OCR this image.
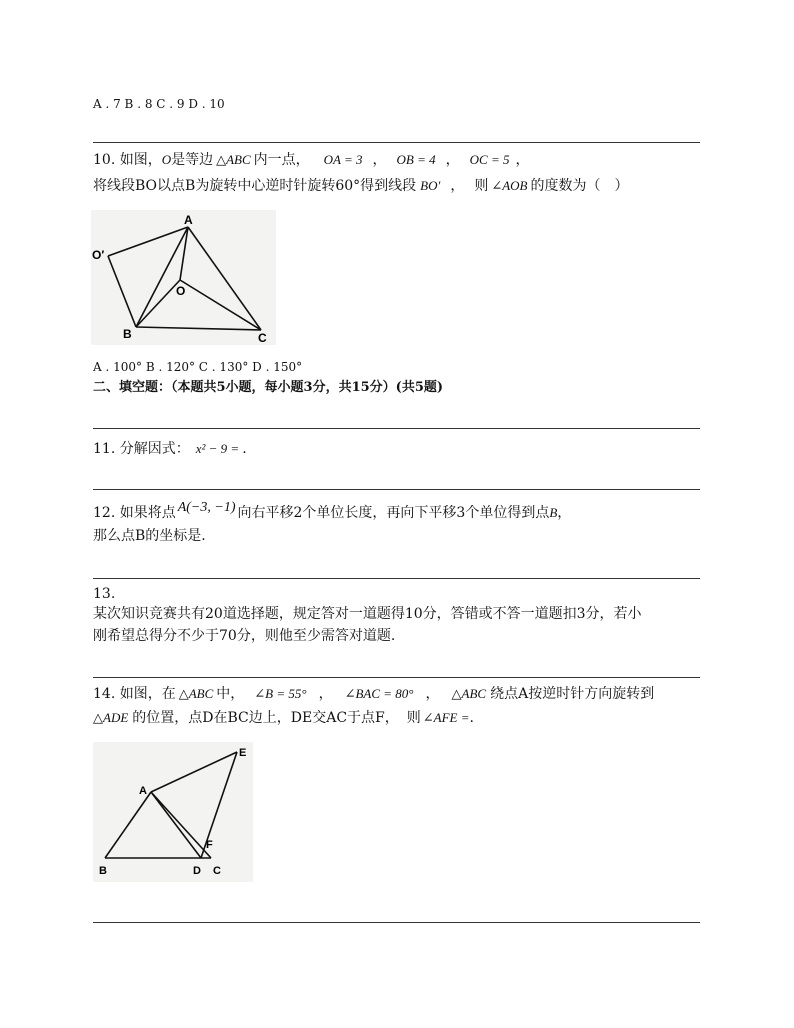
A . 7 B . 8 C . 9 D . 10
10. 如图，O是等边 △ABC 内一点， OA = 3 ， OB = 4 ， OC = 5 ，
将线段BO以点B为旋转中心逆时针旋转60°得到线段 BO′ ， 则 ∠AOB 的度数为（　）
A
O′
O
B	C
A . 100° B . 120° C . 130° D . 150°
二、填空题：（本题共5小题，每小题3分，共15分）(共5题)
11. 分解因式： x² − 9 = .
12. 如果将点 A(−3, −1) 向右平移2个单位长度，再向下平移3个单位得到点B，
那么点B的坐标是.
13.
某次知识竞赛共有20道选择题，规定答对一道题得10分，答错或不答一道题扣3分，若小
刚希望总得分不少于70分，则他至少需答对道题.
14. 如图，在 △ABC 中， ∠B = 55° ， ∠BAC = 80° ， △ABC 绕点A按逆时针方向旋转到
△ADE 的位置，点D在BC边上，DE交AC于点F， 则 ∠AFE =.
A
E
F
B	D C
